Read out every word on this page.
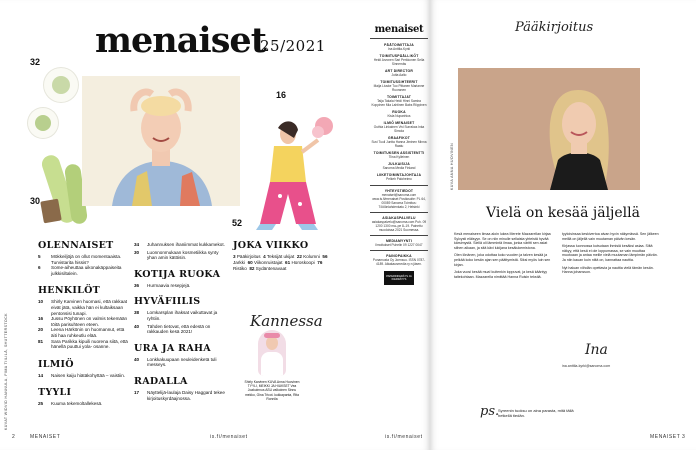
menaiset
25/2021
32
30
16
52
KUVAT WIDVID HANNULA, FIMA TIILILÄ, SHUTTERSTOCK
OLENNAISET
5	Mökkeiljöjä on ollut momentaaista. Turvistarita hissis?
6	Some-aiheuttaa uikonakäppaiseita julkkisiltalein.
HENKILÖT
10	Shirly Karvinen huomasi, että rakkaat eivät jätä, vaikka hän ei kultaiksaan pentonsisi tunapi.
16	Jussu Pöyhönen on valmis tekemään töitä parisuhteen eteen.
20	Leena Härkönin on huomannut, että äiti haa ruhkeutlu elää.
81	Sara Parikka kipuili nuorena siitä, että hänellä puuttui yola- osanne.
ILMIÖ
14	Naisen kaiju hiätäkohyttää – vaistiin.
TYYLI
25	Kuuma tekemoltallekesä.
34	Juhannuksen ihaniimmat kukkamekot.
30	Luonnonmukaan kosmetiikka synty yhan amin kätöisin.
KOTIJA RUOKA
36	Hurmaavia resepjejä.
HYVÄFIILIS
38	Lomkarsplan ihaksat vaikuttavat ja ryhtiin.
40	Tähden tietovat, että edestä on rakkauden kesä 2021!
URA JA RAHA
40	Lonkkakuupaan neuleidenketä tuli messeys.
RADALLA
17	Näyttelijä-laulaja Daisy Haggard tekee kirjoituskyrdäajnossa.
JOKA VIIKKO
3 Pääkirjoitus 4 Teksijät ukijat 22 Kolumni 56 Jarkki 60 Viikonruistajat 61 Horoskoopi 76 Ristiko 82 Sydäntenavaat
Kannessa
Shirly Karvinen KUVA Anna Huovinen TYYLI, MEIKKI JA HIUKSET Vea Joakuinnus ASU valkoinen Sinnu mekko, Gina Tricot. kukkapanta, Rita Ronnila
menaiset
PÄÄTOIMITTAJA
Ina Anttila-Kyrki
TOIMITUSPÄÄLLIKÖT
Heidi Arvonen Sari Perkkonen Sella Sinnemäs
ART DIRECTOR
Jutta Aalto
TOIMITUSSIHTEERIT
Maija Liuske Tuo Pittanen Marianne Ruoranen
TOIMITTAJAT
Taija Takala Heidi Hinni Samira Koppinen Mia Lahtinen Babs Riippinen
RUOKA
Kisla Nupanhius
ILMIÖ MENAISET
Outhia Linkainen Vivi Surrakas Inka Simola
GRAAFIKOT
Suvi Tuuli Juntta Hanna Jiminen Minna Raatu
TOIMITUKSEN ASSISTENTTI
Tiina Kylleinen
JULKAISIJA
Sanoma Media Finland
LIIKETOIMINTAJOHTAJA
Pelkeh Paloheimo
YHTEYSTIEDOT
menaiset@sanoma.com www.is.fi/menaiset Postiosoite: PL 64, 00089 Sanoma Toimitus: Töölönlahdenkatu 2, Helsinki
ASIAKASPALVELU
asiakaspalvelu@sanoma.com Puh. 09 1200 1300 ma–pe 8–19. Painettu muodoissa 2021 Suomessa.
MEDIAMYYNTI
Ilmoitukset Puhelin 09 1227 0047
PAINOPAIKKA
Punamusta Oy Joensuu. ISSN 0787-4189. Aikakausmedia ry:n jäsen.
PAPERINKERÄYS JA KIERRÄTYS
2	MENAISET	is.fi/menaiset	is.fi/menaiset
Pääkirjoitus
KUVA ANNA HUOVINEN
Vielä on kesää jäljellä

Kesä menaiseen ilmaa aloin lukea Merete Mazzarellan kirjaa Sylvysti eläisyyn. Se on niin minulle sellaista yhteistä hyvää kärsimystä. Siellä oli lämmintä ilmaa, jonka väritti sen asiat siihen aikaan, ja sitä kävi lukijana kesälukemistona.

Olen lönänen, joka odottaa koko vuoden ja talven kesää ja pelkää koko kesän ajan sen päättymistä. Siksi myös luin sen kirjan.

Joka vuosi kesää mua! kuitenkin loppuvat, ja kesä kääntyy taitekohtaan. Mazzarella nimittää Hanna Ruisin tekstiä.

tyyloisinsaa keskivertoa aivan hyvin näkymässä. Sen jälkeen meillä on jäljellä vain muutaman päivän kesän.

Kirjassa luonnossa kutsutaan ihmisiä kesäksi asiaa. Siltä näkyy, että kesä ei ole loppumassa, se vain muuttaa muotoaan ja antaa meille vielä muutaman lämpimän päivän. Ja niin kauan kuin niitä on, kannattaa nauttia.

Nyt haluan viihdän opettavia ja nauttia vielä tämän kesän. Hanna johansson.

Ina
ina.anttila-kyrki@sanoma.com
ps.
Syreenin tuoksu on aina parasta, mitä tällä hetkellä tiedän.
MENAISET 3
